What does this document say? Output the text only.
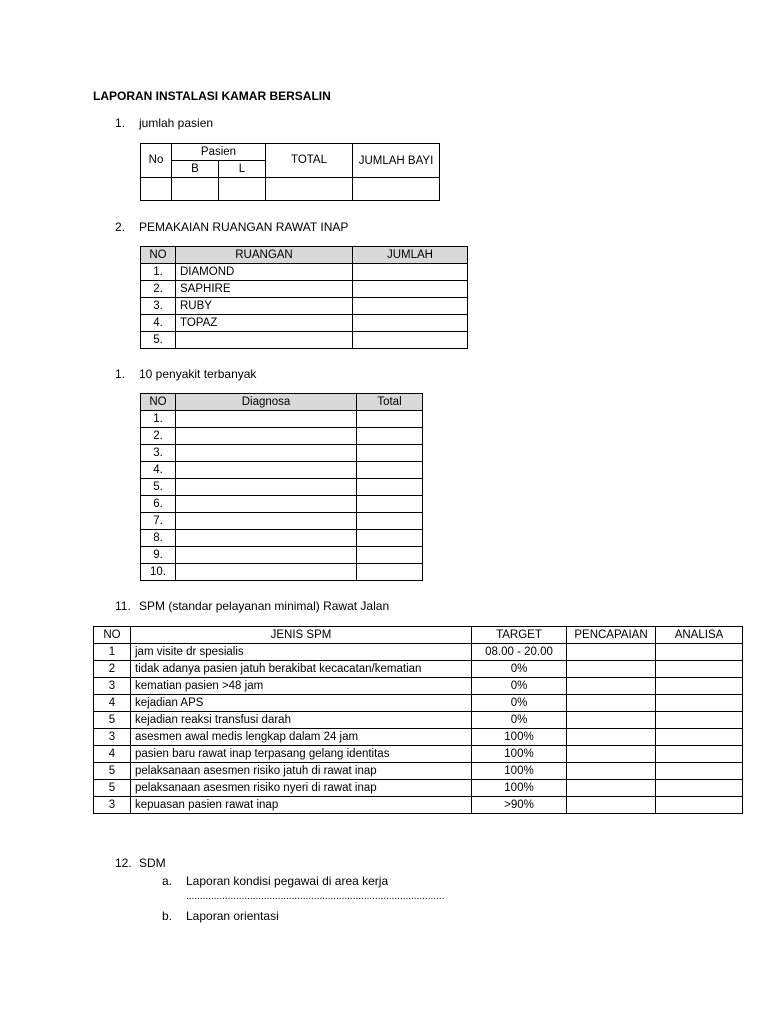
LAPORAN INSTALASI KAMAR BERSALIN
1. jumlah pasien
No	Pasien		TOTAL	JUMLAH BAYI
	B	L		

2. PEMAKAIAN RUANGAN RAWAT INAP
NO	RUANGAN	JUMLAH
1.	DIAMOND	
2.	SAPHIRE	
3.	RUBY	
4.	TOPAZ	
5.		
1. 10 penyakit terbanyak
NO	Diagnosa	Total
1.		
2.		
3.		
4.		
5.		
6.		
7.		
8.		
9.		
10.		
11. SPM (standar pelayanan minimal) Rawat Jalan
NO	JENIS SPM	TARGET	PENCAPAIAN	ANALISA
1	jam visite dr spesialis	08.00 - 20.00		
2	tidak adanya pasien jatuh berakibat kecacatan/kematian	0%		
3	kematian pasien >48 jam	0%		
4	kejadian APS	0%		
5	kejadian reaksi transfusi darah	0%		
3	asesmen awal medis lengkap dalam 24 jam	100%		
4	pasien baru rawat inap terpasang gelang identitas	100%		
5	pelaksanaan asesmen risiko jatuh di rawat inap	100%		
5	pelaksanaan asesmen risiko nyeri di rawat inap	100%		
3	kepuasan pasien rawat inap	>90%		
12. SDM
a. Laporan kondisi pegawai di area kerja
.............................................................................................
b. Laporan orientasi
